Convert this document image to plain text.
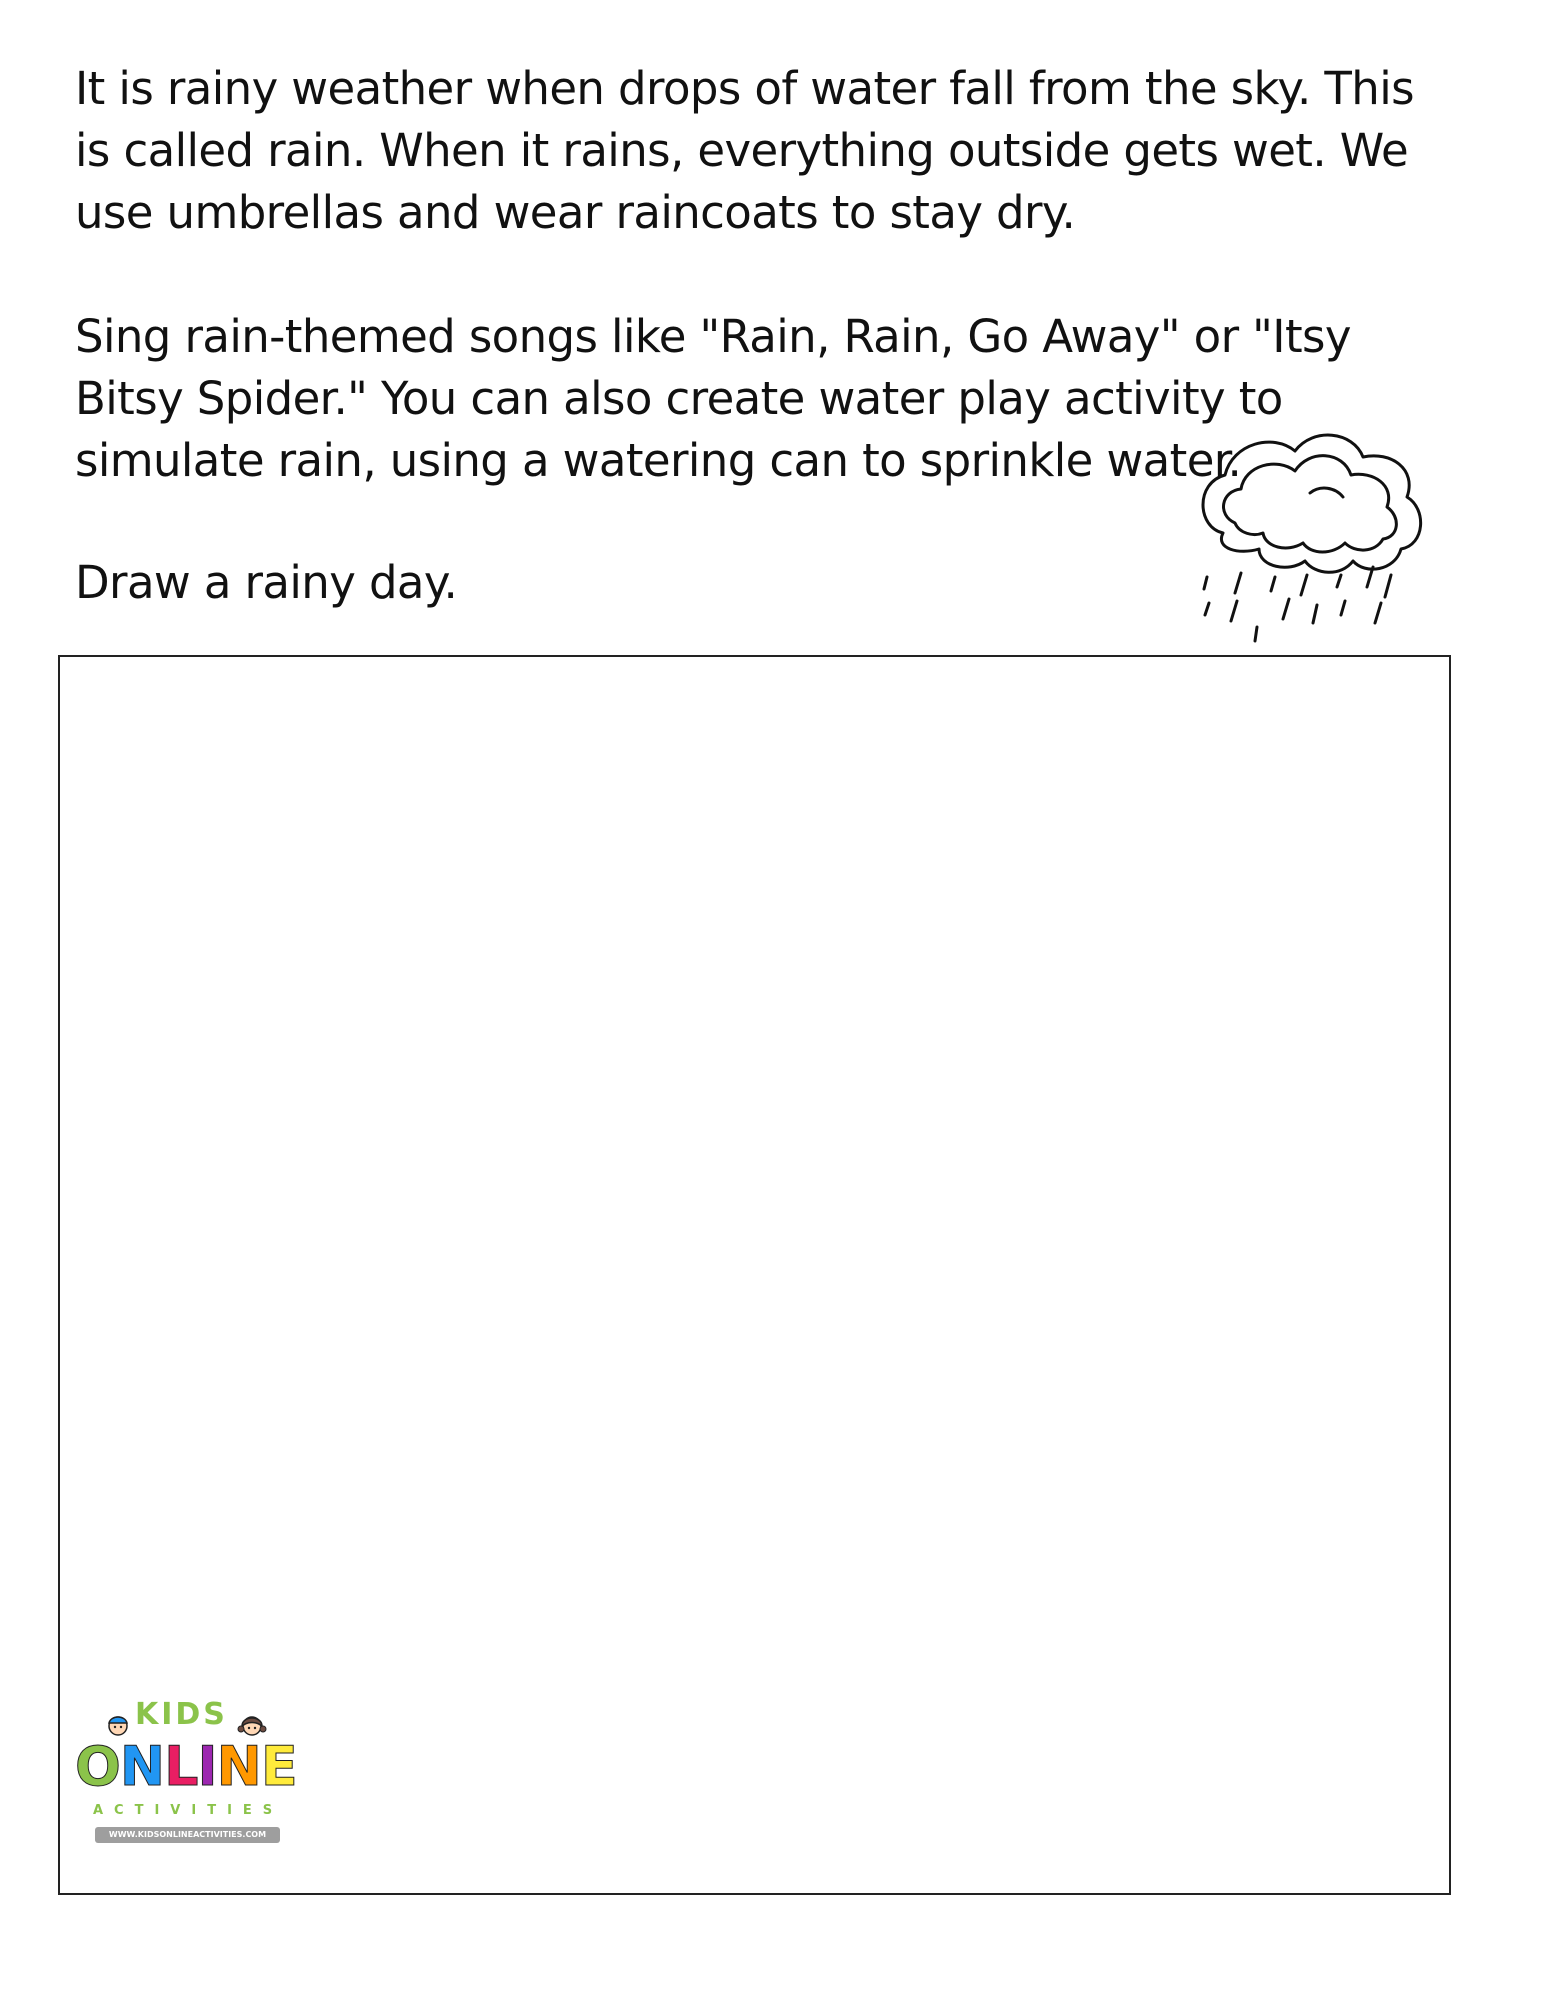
It is rainy weather when drops of water fall from the sky. This is called rain. When it rains, everything outside gets wet. We use umbrellas and wear raincoats to stay dry.

Sing rain-themed songs like "Rain, Rain, Go Away" or "Itsy Bitsy Spider." You can also create water play activity to simulate rain, using a watering can to sprinkle water.

Draw a rainy day.

KIDS
ONLINE
ACTIVITIES
WWW.KIDSONLINEACTIVITIES.COM
